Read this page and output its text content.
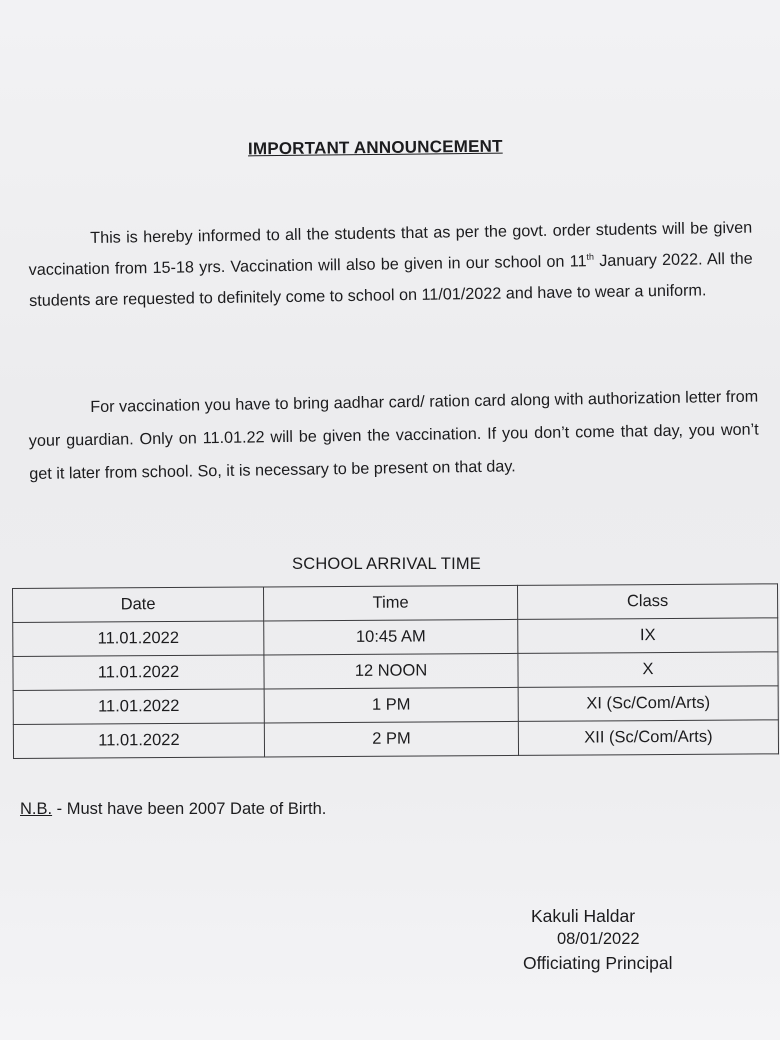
IMPORTANT ANNOUNCEMENT
This is hereby informed to all the students that as per the govt. order students will be given vaccination from 15-18 yrs. Vaccination will also be given in our school on 11th January 2022. All the students are requested to definitely come to school on 11/01/2022 and have to wear a uniform.
For vaccination you have to bring aadhar card/ ration card along with authorization letter from your guardian. Only on 11.01.22 will be given the vaccination. If you don’t come that day, you won’t get it later from school. So, it is necessary to be present on that day.
SCHOOL ARRIVAL TIME
Date	Time	Class
11.01.2022	10:45 AM	IX
11.01.2022	12 NOON	X
11.01.2022	1 PM	XI (Sc/Com/Arts)
11.01.2022	2 PM	XII (Sc/Com/Arts)
N.B. - Must have been 2007 Date of Birth.
Kakuli Haldar
08/01/2022
Officiating Principal
